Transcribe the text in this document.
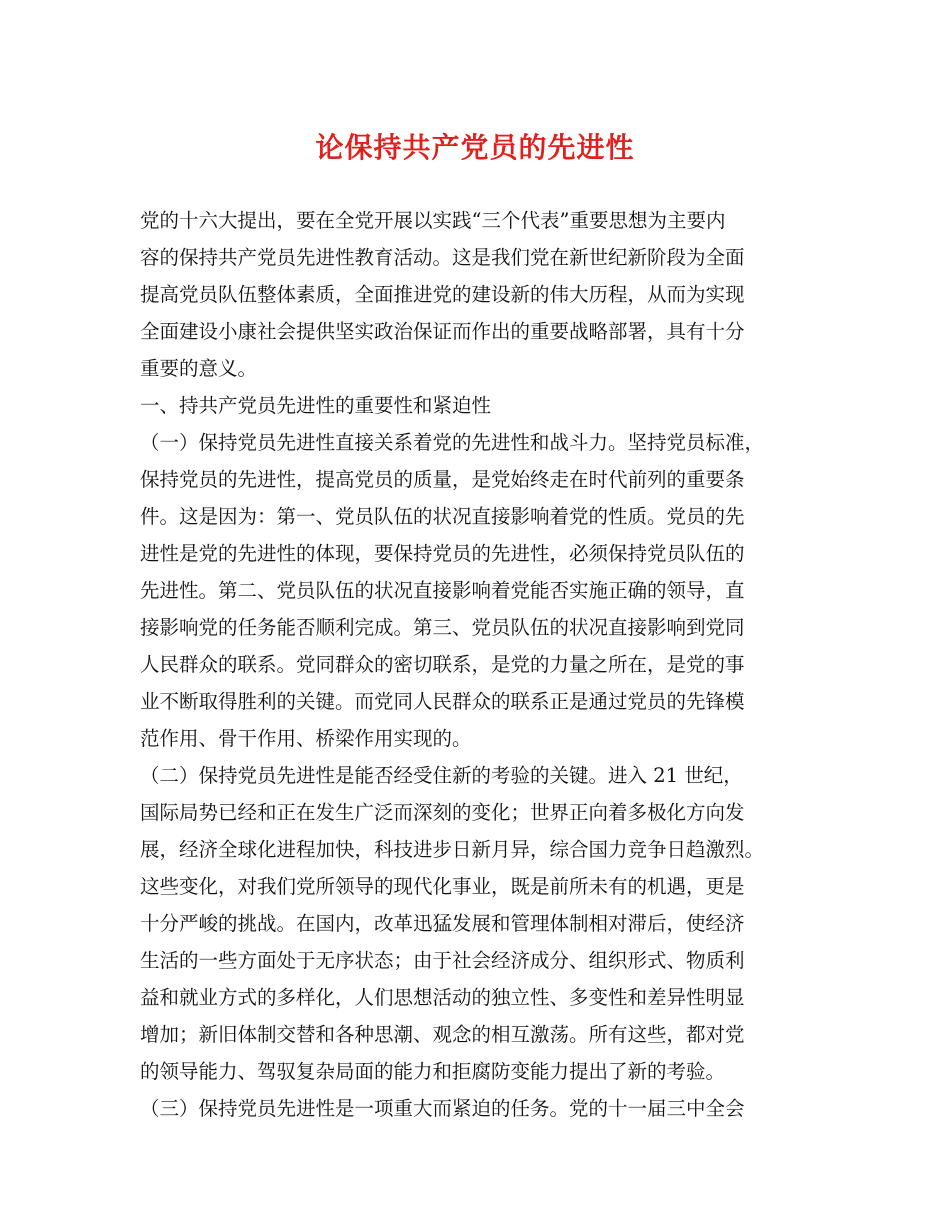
论保持共产党员的先进性
党的十六大提出，要在全党开展以实践“三个代表”重要思想为主要内
容的保持共产党员先进性教育活动。这是我们党在新世纪新阶段为全面
提高党员队伍整体素质，全面推进党的建设新的伟大历程，从而为实现
全面建设小康社会提供坚实政治保证而作出的重要战略部署，具有十分
重要的意义。
一、持共产党员先进性的重要性和紧迫性
（一）保持党员先进性直接关系着党的先进性和战斗力。坚持党员标准，
保持党员的先进性，提高党员的质量，是党始终走在时代前列的重要条
件。这是因为：第一、党员队伍的状况直接影响着党的性质。党员的先
进性是党的先进性的体现，要保持党员的先进性，必须保持党员队伍的
先进性。第二、党员队伍的状况直接影响着党能否实施正确的领导，直
接影响党的任务能否顺利完成。第三、党员队伍的状况直接影响到党同
人民群众的联系。党同群众的密切联系，是党的力量之所在，是党的事
业不断取得胜利的关键。而党同人民群众的联系正是通过党员的先锋模
范作用、骨干作用、桥梁作用实现的。
（二）保持党员先进性是能否经受住新的考验的关键。进入 21 世纪，
国际局势已经和正在发生广泛而深刻的变化；世界正向着多极化方向发
展，经济全球化进程加快，科技进步日新月异，综合国力竞争日趋激烈。
这些变化，对我们党所领导的现代化事业，既是前所未有的机遇，更是
十分严峻的挑战。在国内，改革迅猛发展和管理体制相对滞后，使经济
生活的一些方面处于无序状态；由于社会经济成分、组织形式、物质利
益和就业方式的多样化，人们思想活动的独立性、多变性和差异性明显
增加；新旧体制交替和各种思潮、观念的相互激荡。所有这些，都对党
的领导能力、驾驭复杂局面的能力和拒腐防变能力提出了新的考验。
（三）保持党员先进性是一项重大而紧迫的任务。党的十一届三中全会
